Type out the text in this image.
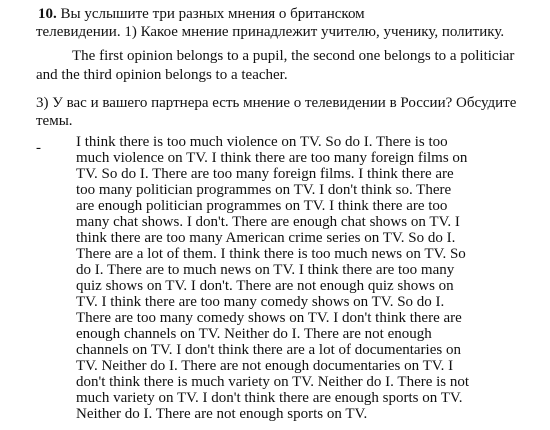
10. Вы услышите три разных мнения о британском
телевидении. 1) Какое мнение принадлежит учителю, ученику, политику.
The first opinion belongs to a pupil, the second one belongs to a politiciar
and the third opinion belongs to a teacher.
3) У вас и вашего партнера есть мнение о телевидении в России? Обсудите
темы.
- I think there is too much violence on TV. So do I. There is too
much violence on TV. I think there are too many foreign films on
TV. So do I. There are too many foreign films. I think there are
too many politician programmes on TV. I don't think so. There
are enough politician programmes on TV. I think there are too
many chat shows. I don't. There are enough chat shows on TV. I
think there are too many American crime series on TV. So do I.
There are a lot of them. I think there is too much news on TV. So
do I. There are to much news on TV. I think there are too many
quiz shows on TV. I don't. There are not enough quiz shows on
TV. I think there are too many comedy shows on TV. So do I.
There are too many comedy shows on TV. I don't think there are
enough channels on TV. Neither do I. There are not enough
channels on TV. I don't think there are a lot of documentaries on
TV. Neither do I. There are not enough documentaries on TV. I
don't think there is much variety on TV. Neither do I. There is not
much variety on TV. I don't think there are enough sports on TV.
Neither do I. There are not enough sports on TV.
